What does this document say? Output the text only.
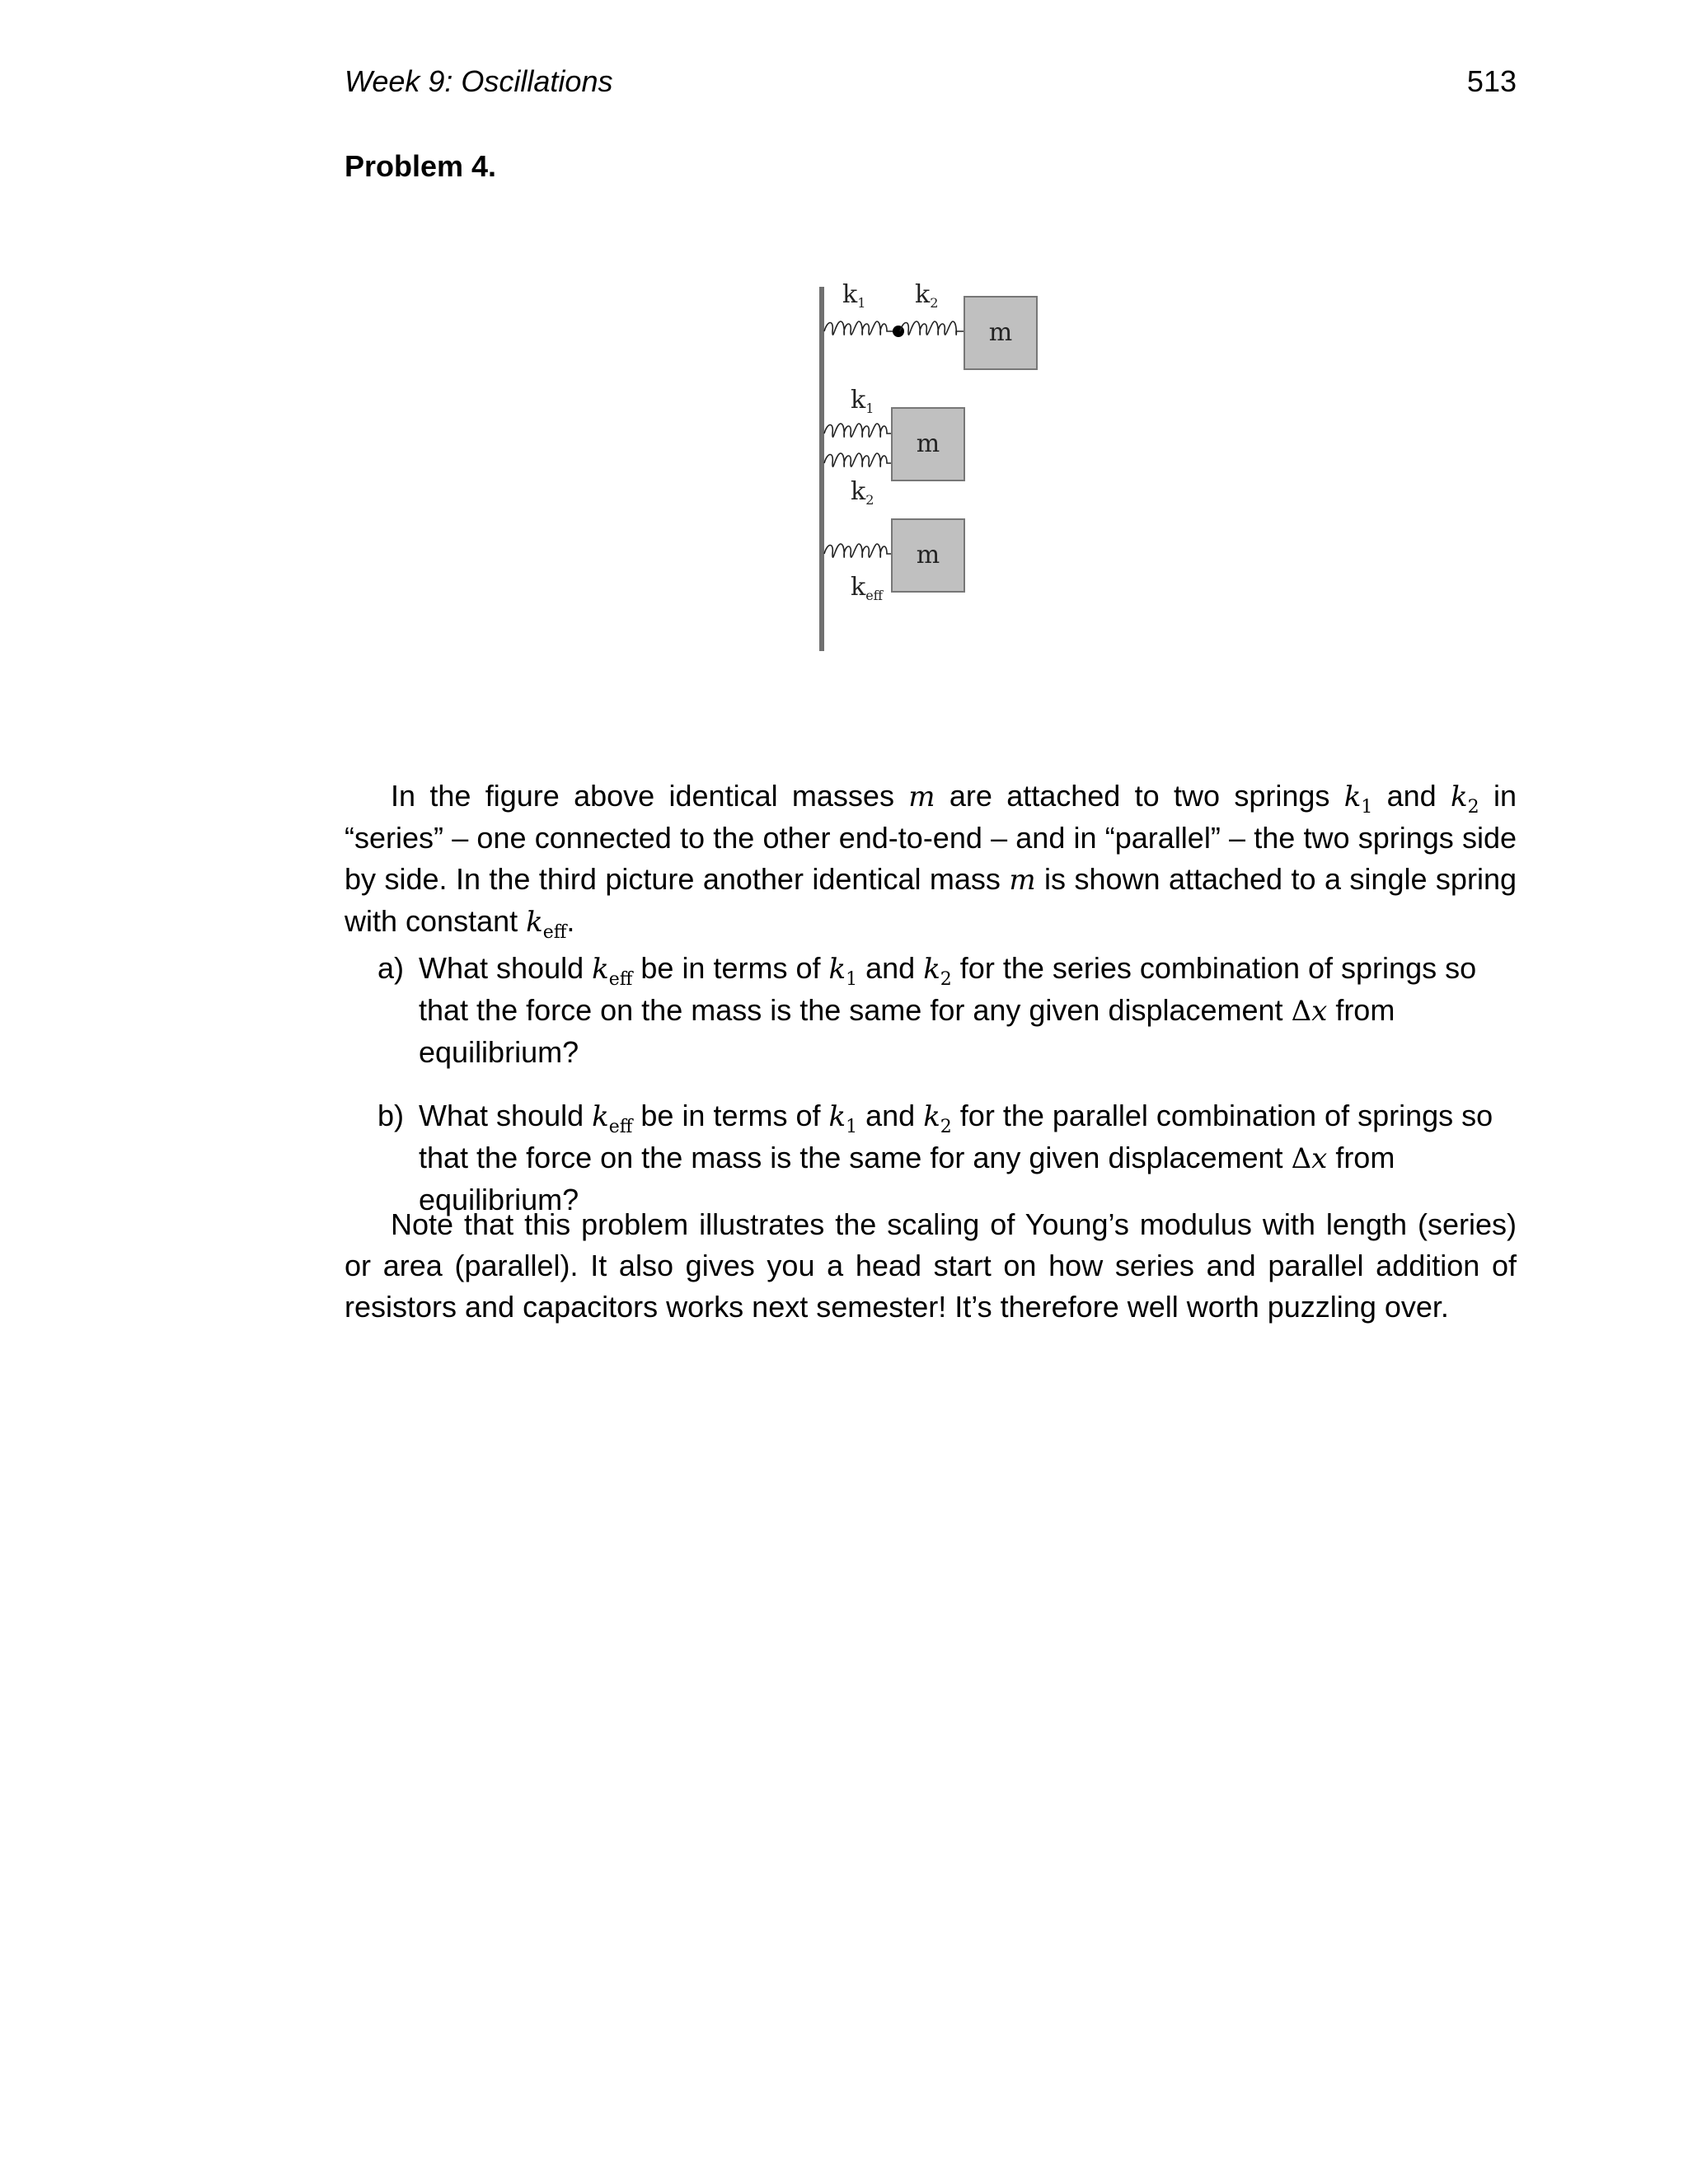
Week 9: Oscillations	513
Problem 4.
$k_1$ $k_2$
m
$k_1$
$k_2$
m
$k_{eff}$
m

In the figure above identical masses m are attached to two springs $k_1$ and $k_2$ in “series” – one connected to the other end-to-end – and in “parallel” – the two springs side by side. In the third picture another identical mass m is shown attached to a single spring with constant $k_{eff}$.

a) What should $k_{eff}$ be in terms of $k_1$ and $k_2$ for the series combination of springs so that the force on the mass is the same for any given displacement Δx from equilibrium?
b) What should $k_{eff}$ be in terms of $k_1$ and $k_2$ for the parallel combination of springs so that the force on the mass is the same for any given displacement Δx from equilibrium?

Note that this problem illustrates the scaling of Young’s modulus with length (series) or area (parallel). It also gives you a head start on how series and parallel addition of resistors and capacitors works next semester! It’s therefore well worth puzzling over.
